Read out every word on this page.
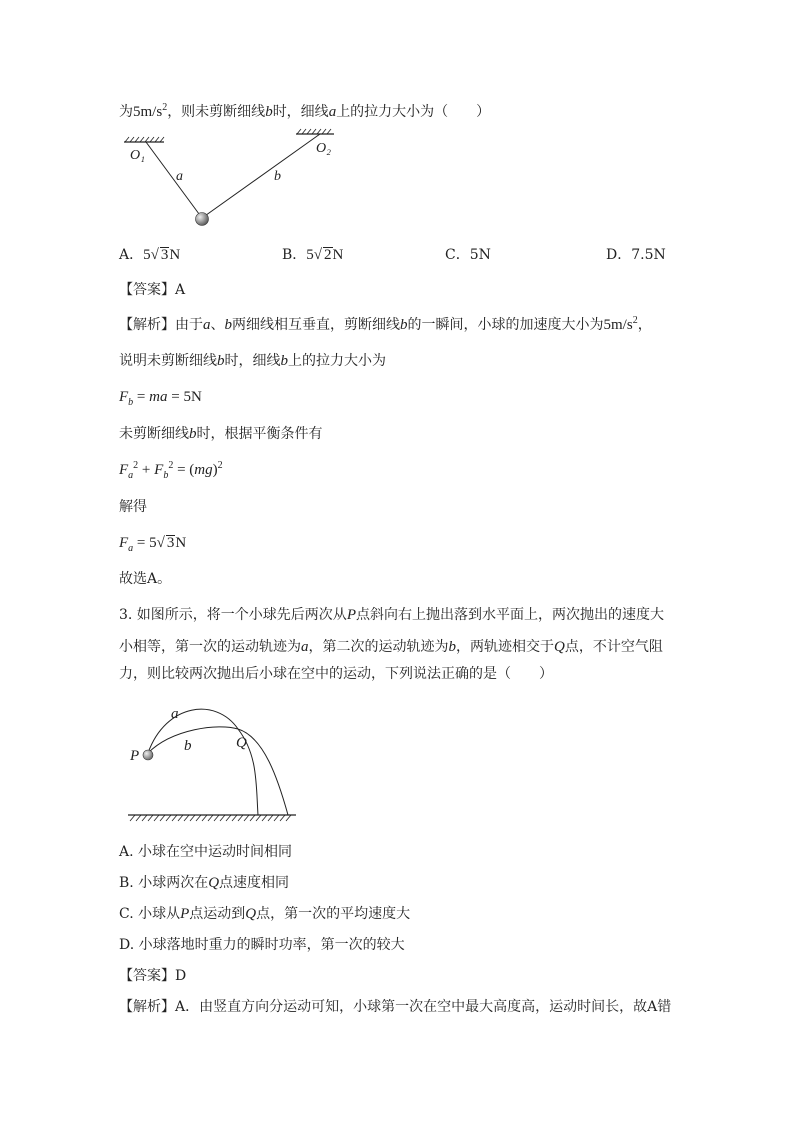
为$5m/s^2$，则未剪断细线b时，细线a上的拉力大小为（　　）
O₁	O₂
a	b
A．5√ 3N	B．5√ 2N	C．5N	D．7.5N
【答案】A
【解析】由于a、b两细线相互垂直，剪断细线b的一瞬间，小球的加速度大小为$5m/s^2$，
说明未剪断细线b时，细线b上的拉力大小为
$F_b$ = ma = 5N
未剪断细线b时，根据平衡条件有
$F_a^2 + F_b^2 = (mg)^2$
解得
$F_a = 5√$ 3N
故选A。
3. 如图所示，将一个小球先后两次从P点斜向右上抛出落到水平面上，两次抛出的速度大
小相等，第一次的运动轨迹为a，第二次的运动轨迹为b，两轨迹相交于Q点，不计空气阻
力，则比较两次抛出后小球在空中的运动，下列说法正确的是（　　）
P
Q
a
b
A. 小球在空中运动时间相同
B. 小球两次在Q点速度相同
C. 小球从P点运动到Q点，第一次的平均速度大
D. 小球落地时重力的瞬时功率，第一次的较大
【答案】D
【解析】A．由竖直方向分运动可知，小球第一次在空中最大高度高，运动时间长，故A错
